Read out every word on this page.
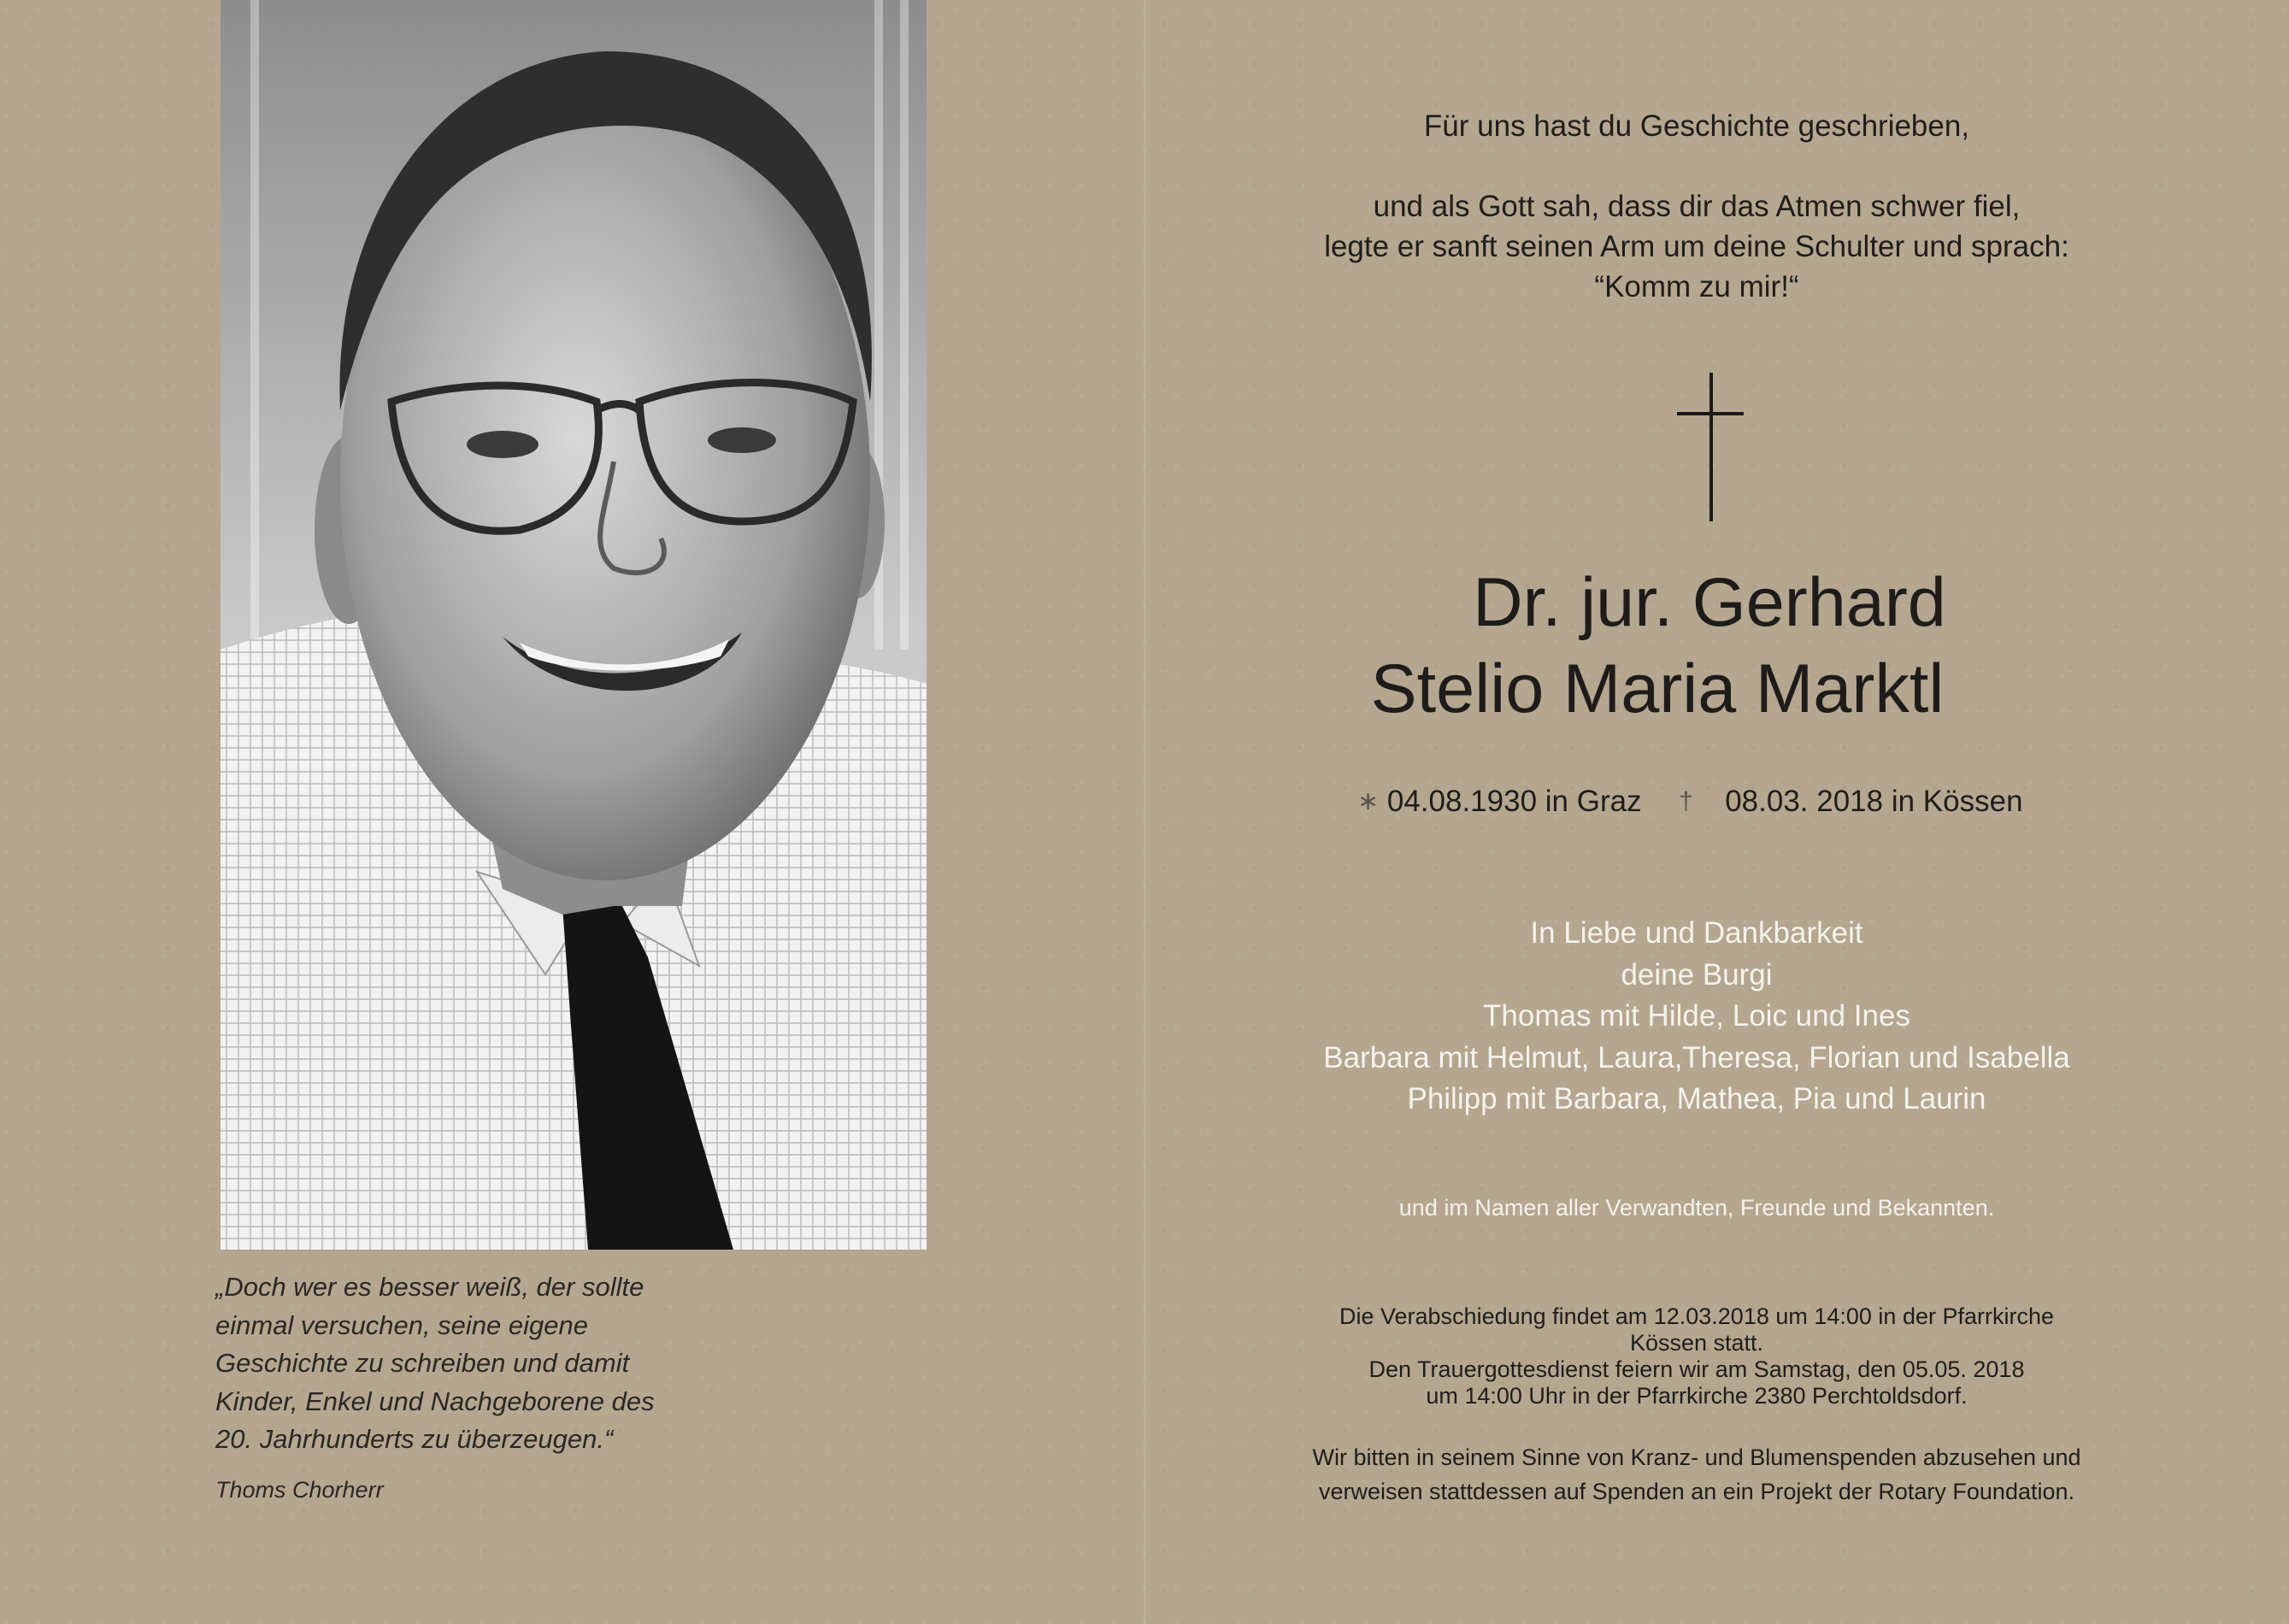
„Doch wer es besser weiß, der sollte
einmal versuchen, seine eigene
Geschichte zu schreiben und damit
Kinder, Enkel und Nachgeborene des
20. Jahrhunderts zu überzeugen.“
Thoms Chorherr
Für uns hast du Geschichte geschrieben,
und als Gott sah, dass dir das Atmen schwer fiel,
legte er sanft seinen Arm um deine Schulter und sprach:
“Komm zu mir!“
Dr. jur. Gerhard
Stelio Maria Marktl
∗ 04.08.1930 in Graz † 08.03. 2018 in Kössen
In Liebe und Dankbarkeit
deine Burgi
Thomas mit Hilde, Loic und Ines
Barbara mit Helmut, Laura,Theresa, Florian und Isabella
Philipp mit Barbara, Mathea, Pia und Laurin
und im Namen aller Verwandten, Freunde und Bekannten.
Die Verabschiedung findet am 12.03.2018 um 14:00 in der Pfarrkirche
Kössen statt.
Den Trauergottesdienst feiern wir am Samstag, den 05.05. 2018
um 14:00 Uhr in der Pfarrkirche 2380 Perchtoldsdorf.
Wir bitten in seinem Sinne von Kranz- und Blumenspenden abzusehen und
verweisen stattdessen auf Spenden an ein Projekt der Rotary Foundation.
